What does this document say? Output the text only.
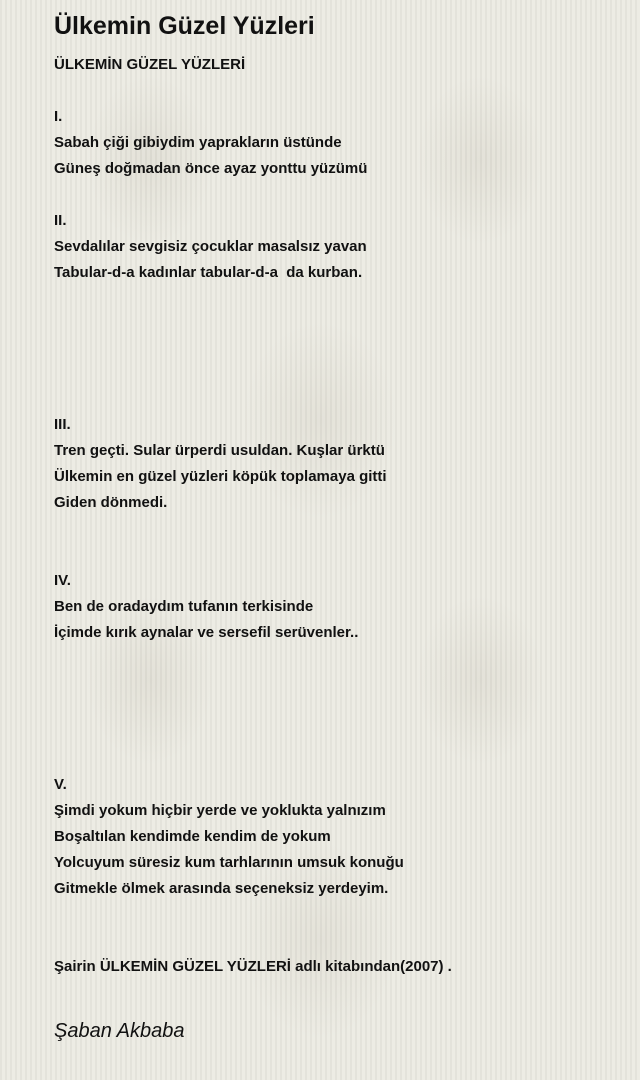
Ülkemin Güzel Yüzleri
ÜLKEMİN GÜZEL YÜZLERİ
I.
Sabah çiği gibiydim yaprakların üstünde
Güneş doğmadan önce ayaz yonttu yüzümü
II.
Sevdalılar sevgisiz çocuklar masalsız yavan
Tabular-d-a kadınlar tabular-d-a  da kurban.
III.
Tren geçti. Sular ürperdi usuldan. Kuşlar ürktü
Ülkemin en güzel yüzleri köpük toplamaya gitti
Giden dönmedi.
IV.
Ben de oradaydım tufanın terkisinde
İçimde kırık aynalar ve sersefil serüvenler..
V.
Şimdi yokum hiçbir yerde ve yoklukta yalnızım
Boşaltılan kendimde kendim de yokum
Yolcuyum süresiz kum tarhlarının umsuk konuğu
Gitmekle ölmek arasında seçeneksiz yerdeyim.
Şairin ÜLKEMİN GÜZEL YÜZLERİ adlı kitabından(2007) .
Şaban Akbaba
